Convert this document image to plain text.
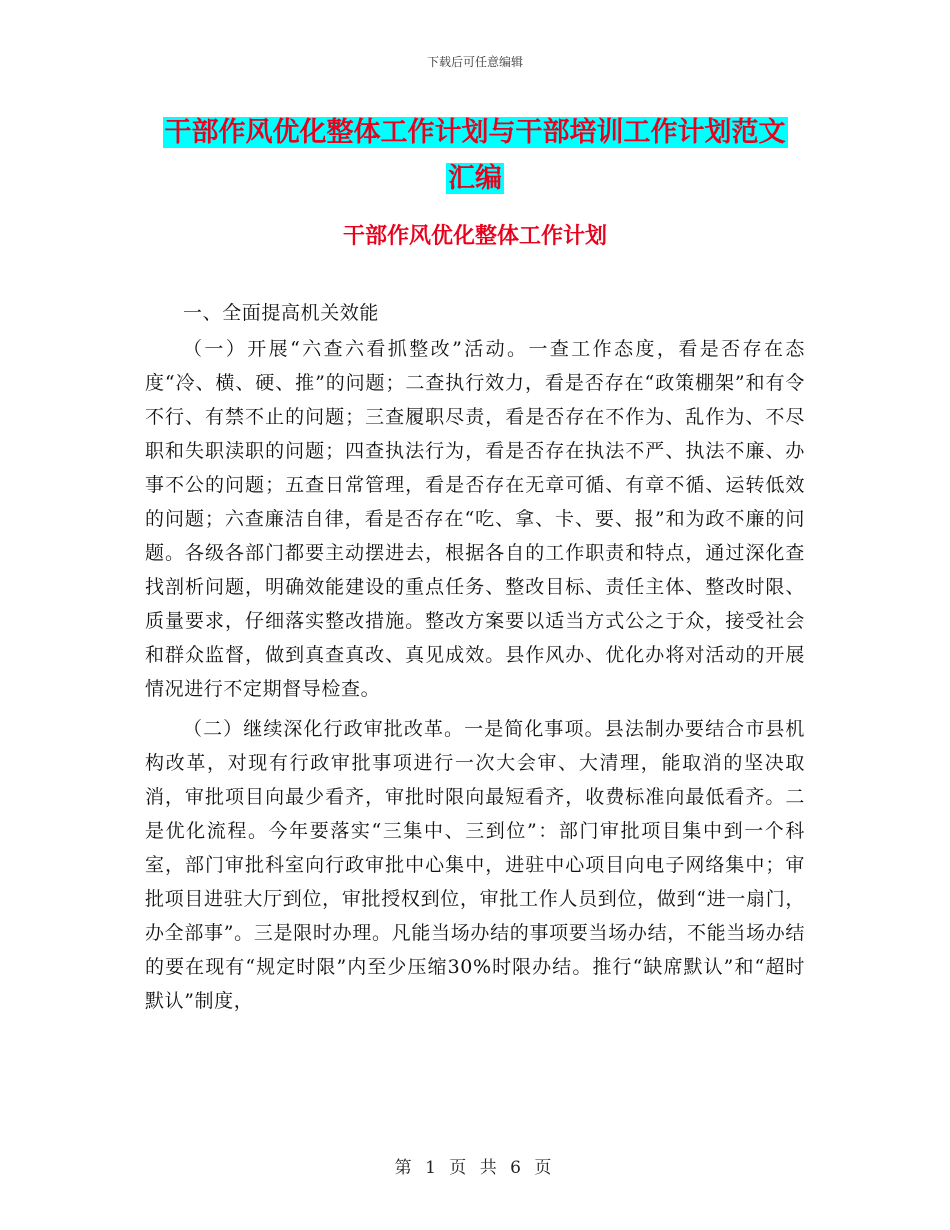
下载后可任意编辑
干部作风优化整体工作计划与干部培训工作计划范文
汇编
干部作风优化整体工作计划

一、全面提高机关效能

（一）开展“六查六看抓整改”活动。一查工作态度，看是否存在态度“冷、横、硬、推”的问题；二查执行效力，看是否存在“政策棚架”和有令不行、有禁不止的问题；三查履职尽责，看是否存在不作为、乱作为、不尽职和失职渎职的问题；四查执法行为，看是否存在执法不严、执法不廉、办事不公的问题；五查日常管理，看是否存在无章可循、有章不循、运转低效的问题；六查廉洁自律，看是否存在“吃、拿、卡、要、报”和为政不廉的问题。各级各部门都要主动摆进去，根据各自的工作职责和特点，通过深化查找剖析问题，明确效能建设的重点任务、整改目标、责任主体、整改时限、质量要求，仔细落实整改措施。整改方案要以适当方式公之于众，接受社会和群众监督，做到真查真改、真见成效。县作风办、优化办将对活动的开展情况进行不定期督导检查。

（二）继续深化行政审批改革。一是简化事项。县法制办要结合市县机构改革，对现有行政审批事项进行一次大会审、大清理，能取消的坚决取消，审批项目向最少看齐，审批时限向最短看齐，收费标准向最低看齐。二是优化流程。今年要落实“三集中、三到位”：部门审批项目集中到一个科室，部门审批科室向行政审批中心集中，进驻中心项目向电子网络集中；审批项目进驻大厅到位，审批授权到位，审批工作人员到位，做到“进一扇门，办全部事”。三是限时办理。凡能当场办结的事项要当场办结，不能当场办结的要在现有“规定时限”内至少压缩30%时限办结。推行“缺席默认”和“超时默认”制度，

第 1 页 共 6 页
